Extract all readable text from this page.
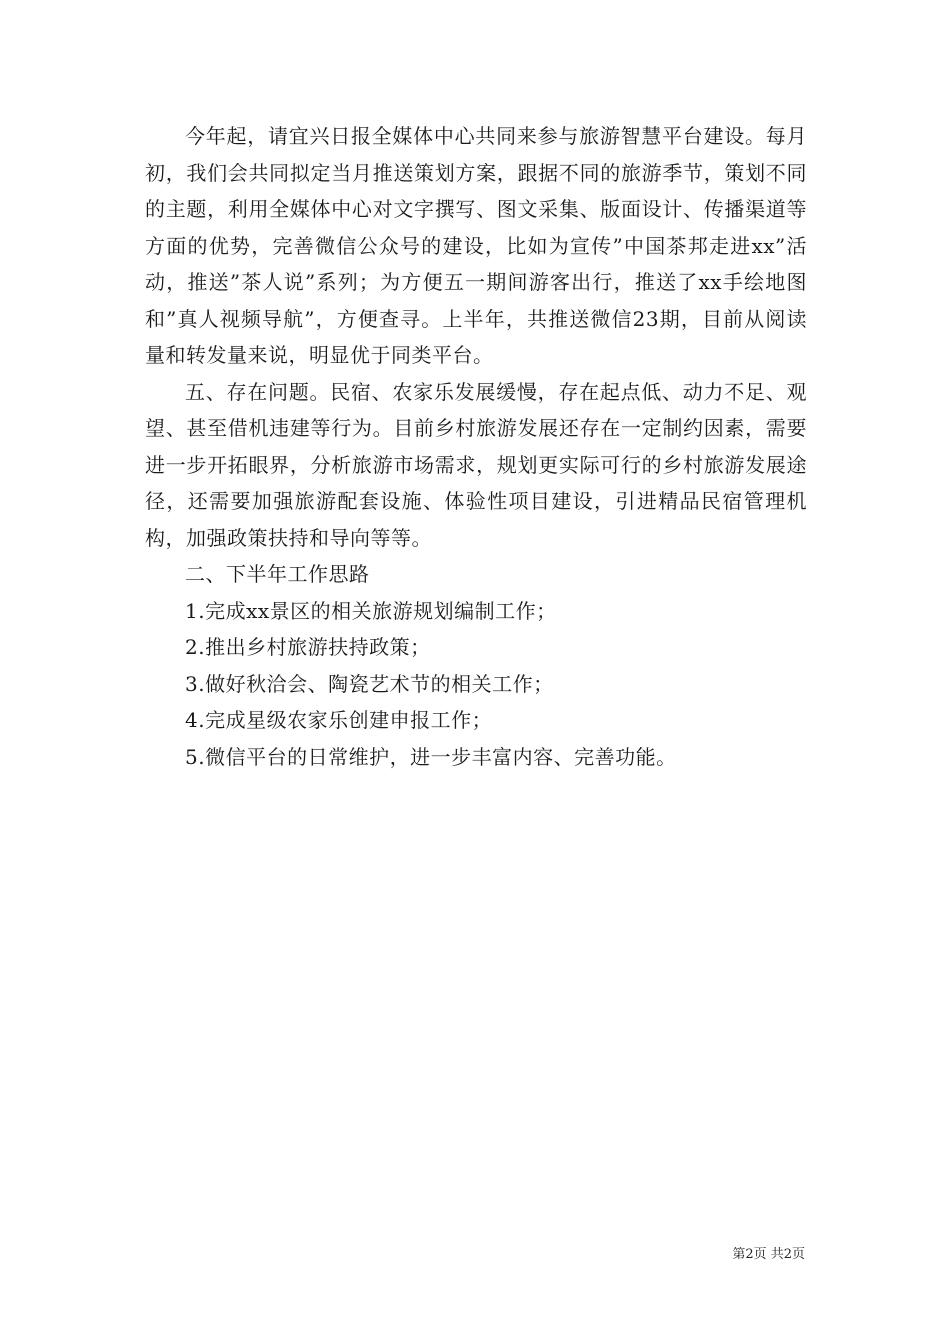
今年起，请宜兴日报全媒体中心共同来参与旅游智慧平台建设。每月初，我们会共同拟定当月推送策划方案，跟据不同的旅游季节，策划不同的主题，利用全媒体中心对文字撰写、图文采集、版面设计、传播渠道等方面的优势，完善微信公众号的建设，比如为宣传”中国茶邦走进xx”活动，推送”茶人说”系列；为方便五一期间游客出行，推送了xx手绘地图和”真人视频导航”，方便查寻。上半年，共推送微信23期，目前从阅读量和转发量来说，明显优于同类平台。

五、存在问题。民宿、农家乐发展缓慢，存在起点低、动力不足、观望、甚至借机违建等行为。目前乡村旅游发展还存在一定制约因素，需要进一步开拓眼界，分析旅游市场需求，规划更实际可行的乡村旅游发展途径，还需要加强旅游配套设施、体验性项目建设，引进精品民宿管理机构，加强政策扶持和导向等等。

二、下半年工作思路

1.完成xx景区的相关旅游规划编制工作；

2.推出乡村旅游扶持政策；

3.做好秋洽会、陶瓷艺术节的相关工作；

4.完成星级农家乐创建申报工作；

5.微信平台的日常维护，进一步丰富内容、完善功能。

第2页 共2页
